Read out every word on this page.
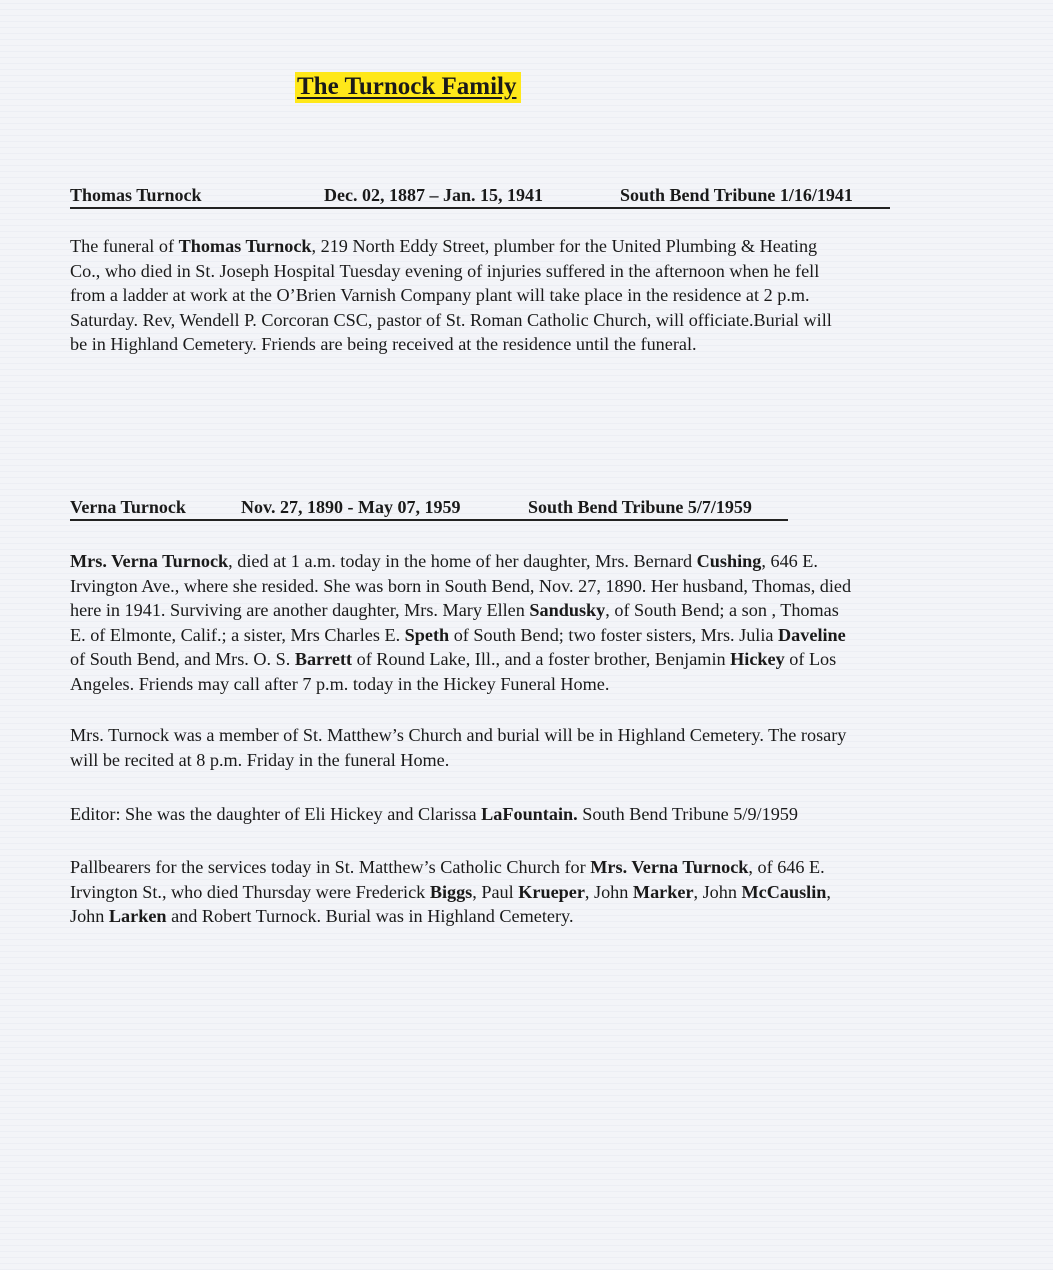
The Turnock Family
Thomas Turnock	Dec. 02, 1887 – Jan. 15, 1941	South Bend Tribune 1/16/1941

The funeral of Thomas Turnock, 219 North Eddy Street, plumber for the United Plumbing & Heating
Co., who died in St. Joseph Hospital Tuesday evening of injuries suffered in the afternoon when he fell
from a ladder at work at the O’Brien Varnish Company plant will take place in the residence at 2 p.m.
Saturday. Rev, Wendell P. Corcoran CSC, pastor of St. Roman Catholic Church, will officiate.Burial will
be in Highland Cemetery. Friends are being received at the residence until the funeral.

Verna Turnock	Nov. 27, 1890 - May 07, 1959	South Bend Tribune 5/7/1959

Mrs. Verna Turnock, died at 1 a.m. today in the home of her daughter, Mrs. Bernard Cushing, 646 E.
Irvington Ave., where she resided. She was born in South Bend, Nov. 27, 1890. Her husband, Thomas, died
here in 1941. Surviving are another daughter, Mrs. Mary Ellen Sandusky, of South Bend; a son , Thomas
E. of Elmonte, Calif.; a sister, Mrs Charles E. Speth of South Bend; two foster sisters, Mrs. Julia Daveline
of South Bend, and Mrs. O. S. Barrett of Round Lake, Ill., and a foster brother, Benjamin Hickey of Los
Angeles. Friends may call after 7 p.m. today in the Hickey Funeral Home.

Mrs. Turnock was a member of St. Matthew’s Church and burial will be in Highland Cemetery. The rosary
will be recited at 8 p.m. Friday in the funeral Home.

Editor: She was the daughter of Eli Hickey and Clarissa LaFountain. South Bend Tribune 5/9/1959

Pallbearers for the services today in St. Matthew’s Catholic Church for Mrs. Verna Turnock, of 646 E.
Irvington St., who died Thursday were Frederick Biggs, Paul Krueper, John Marker, John McCauslin,
John Larken and Robert Turnock. Burial was in Highland Cemetery.
